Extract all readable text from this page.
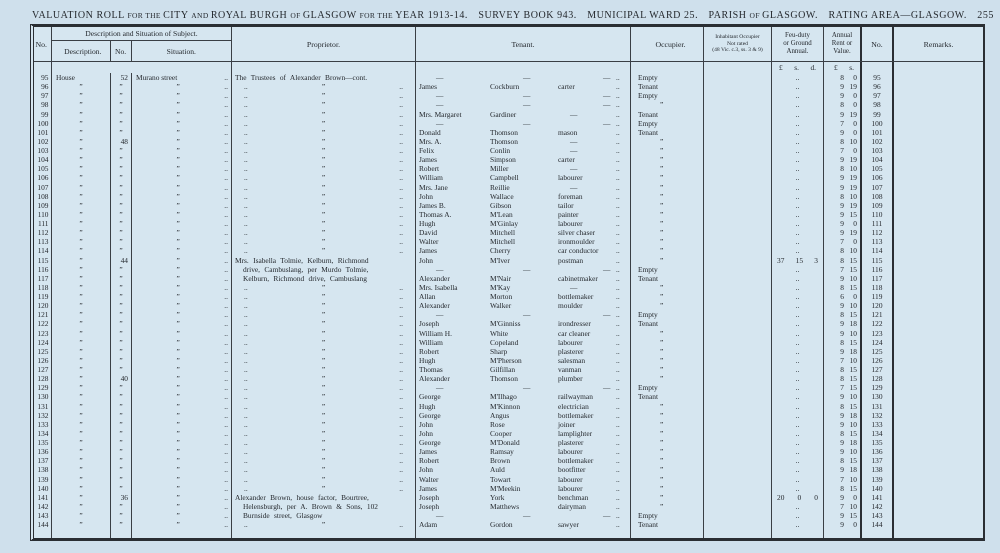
VALUATION ROLL FOR THE CITY AND ROYAL BURGH OF GLASGOW FOR THE YEAR 1913-14. SURVEY BOOK 943. MUNICIPAL WARD 25. PARISH OF GLASGOW. RATING AREA—GLASGOW. 255
No.
Description and Situation of Subject.
Description.	No.	Situation.
Proprietor.	Tenant.	Occupier.
Inhabitant Occupier
Not rated
(48 Vic. c.3, ss. 3 & 9)
Feu-duty
or Ground
Annual.
Annual
Rent or
Value.
No.	Remarks.
£ s. d. £ s.
95	House	52	Murano street	.. The Trustees of Alexander Brown—cont.	—	—	— ..	Empty	..	8	0	95
96	”	”	”	..	..	”	..	James	Cockburn	carter	..	Tenant	..	9 19	96
97	”	”	”	..	..	”	..	—	—	— ..	Empty	..	9	0	97
98	”	”	”	..	..	”	..	—	—	— ..	”	..	8	0	98
99	”	”	”	..	..	”	..	Mrs. Margaret	Gardiner	—	..	Tenant	..	9 19	99
100	”	”	”	..	..	”	..	—	—	— ..	Empty	..	7	0	100
101	”	”	”	..	..	”	..	Donald	Thomson	mason	..	Tenant	..	9	0	101
102	”	48	”	..	..	”	..	Mrs. A.	Thomson	—	..	”	..	8 10	102
103	”	”	”	..	..	”	..	Felix	Conlin	—	..	”	..	7	0	103
104	”	”	”	..	..	”	..	James	Simpson	carter	..	”	..	9 19	104
105	”	”	”	..	..	”	..	Robert	Miller	—	..	”	..	8 10	105
106	”	”	”	..	..	”	..	William	Campbell	labourer	..	”	..	9 19	106
107	”	”	”	..	..	”	..	Mrs. Jane	Reillie	—	..	”	..	9 19	107
108	”	”	”	..	..	”	..	John	Wallace	foreman	..	”	..	8 10	108
109	”	”	”	..	..	”	..	James B.	Gibson	tailor	..	”	..	9 19	109
110	”	”	”	..	..	”	..	Thomas A.	M'Lean	painter	..	”	..	9 15	110
111	”	”	”	..	..	”	..	Hugh	M'Ginlay	labourer	..	”	..	9	0	111
112	”	”	”	..	..	”	..	David	Mitchell	silver chaser	..	”	..	9 19	112
113	”	”	”	..	..	”	..	Walter	Mitchell	ironmoulder	..	”	..	7	0	113
114	”	”	”	..	..	”	..	James	Cherry	car conductor	..	”	..	8 10	114
115	”	44	”	.. Mrs. Isabella Tolmie, Kelburn, Richmond	John	M'Iver	postman	..	”	37 15 3	8 15	115
116	”	”	”	..	drive, Cambuslang, per Murdo Tolmie,	—	—	— ..	Empty	..	7 15	116
117	”	”	”	..	Kelburn, Richmond drive, Cambuslang	Alexander	M'Nair	cabinetmaker	..	Tenant	..	9 10	117
118	”	”	”	..	..	”	..	Mrs. Isabella	M'Kay	—	..	”	..	8 15	118
119	”	”	”	..	..	”	..	Allan	Morton	bottlemaker	..	”	..	6	0	119
120	”	”	”	..	..	”	..	Alexander	Walker	moulder	..	”	..	9 10	120
121	”	”	”	..	..	”	..	—	—	— ..	Empty	..	8 15	121
122	”	”	”	..	..	”	..	Joseph	M'Ginniss	irondresser	..	Tenant	..	9 18	122
123	”	”	”	..	..	”	..	William H.	White	car cleaner	..	”	..	9 10	123
124	”	”	”	..	..	”	..	William	Copeland	labourer	..	”	..	8 15	124
125	”	”	”	..	..	”	..	Robert	Sharp	plasterer	..	”	..	9 18	125
126	”	”	”	..	..	”	..	Hugh	M'Pherson	salesman	..	”	..	7 10	126
127	”	”	”	..	..	”	..	Thomas	Gilfillan	vanman	..	”	..	8 15	127
128	”	40	”	..	..	”	..	Alexander	Thomson	plumber	..	”	..	8 15	128
129	”	”	”	..	..	”	..	—	—	— ..	Empty	..	7 15	129
130	”	”	”	..	..	”	..	George	M'Ilhago	railwayman	..	Tenant	..	9 10	130
131	”	”	”	..	..	”	..	Hugh	M'Kinnon	electrician	..	”	..	8 15	131
132	”	”	”	..	..	”	..	George	Angus	bottlemaker	..	”	..	9 18	132
133	”	”	”	..	..	”	..	John	Rose	joiner	..	”	..	9 10	133
134	”	”	”	..	..	”	..	John	Cooper	lamplighter	..	”	..	8 15	134
135	”	”	”	..	..	”	..	George	M'Donald	plasterer	..	”	..	9 18	135
136	”	”	”	..	..	”	..	James	Ramsay	labourer	..	”	..	9 10	136
137	”	”	”	..	..	”	..	Robert	Brown	bottlemaker	..	”	..	8 15	137
138	”	”	”	..	..	”	..	John	Auld	bootfitter	..	”	..	9 18	138
139	”	”	”	..	..	”	..	Walter	Towart	labourer	..	”	..	7 10	139
140	”	”	”	..	..	”	..	James	M'Meekin	labourer	..	”	..	8 15	140
141	”	36	”	.. Alexander Brown, house factor, Bourtree,	Joseph	York	benchman	..	”	20 0 0	9	0	141
142	”	”	”	..	Helensburgh, per A. Brown & Sons, 102	Joseph	Matthews	dairyman	..	”	..	7 10	142
143	”	”	”	..	Burnside street, Glasgow	—	—	— ..	Empty	..	9 15	143
144	”	”	”	..	..	”	..	Adam	Gordon	sawyer	..	Tenant	..	9	0	144
